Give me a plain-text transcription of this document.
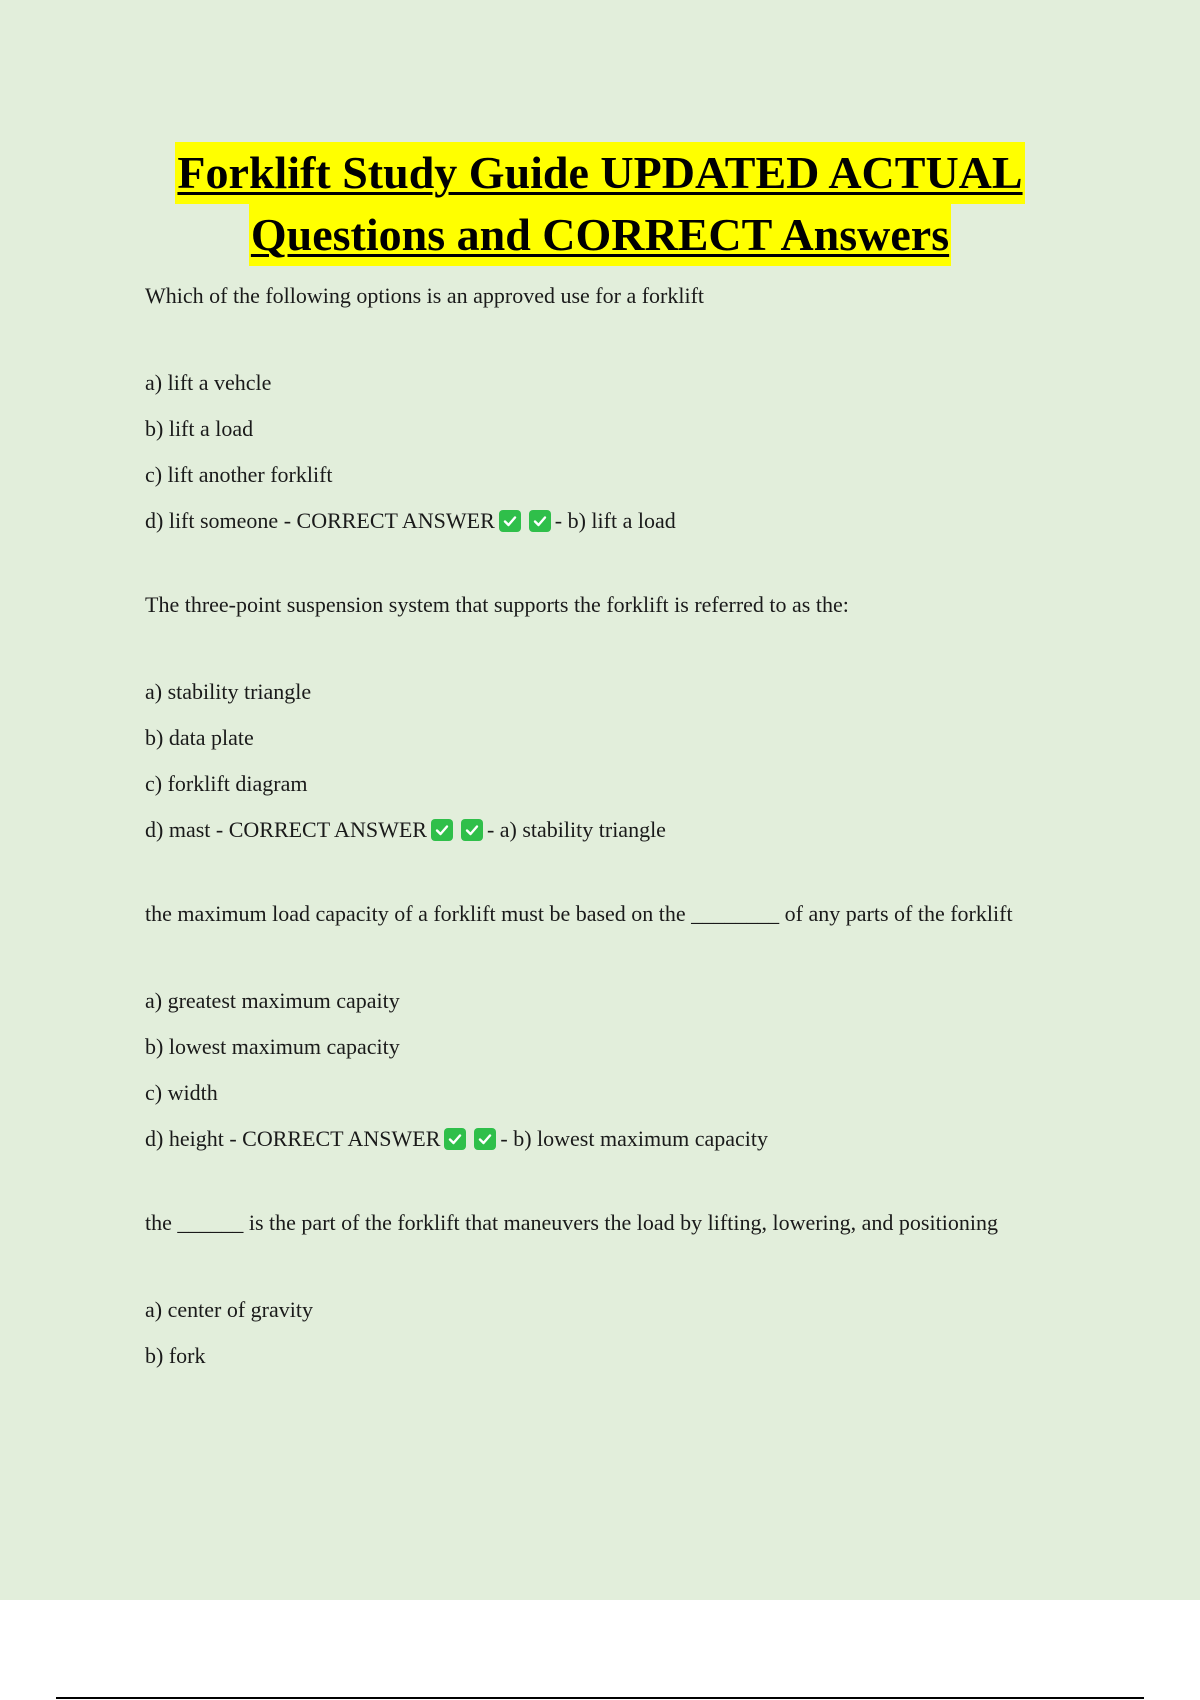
Forklift Study Guide UPDATED ACTUAL
Questions and CORRECT Answers
Which of the following options is an approved use for a forklift
a) lift a vehcle
b) lift a load
c) lift another forklift
d) lift someone - CORRECT ANSWER	- b) lift a load
The three-point suspension system that supports the forklift is referred to as the:
a) stability triangle
b) data plate
c) forklift diagram
d) mast - CORRECT ANSWER	- a) stability triangle
the maximum load capacity of a forklift must be based on the ________ of any parts of the forklift
a) greatest maximum capaity
b) lowest maximum capacity
c) width
d) height - CORRECT ANSWER	- b) lowest maximum capacity
the ______ is the part of the forklift that maneuvers the load by lifting, lowering, and positioning
a) center of gravity
b) fork
